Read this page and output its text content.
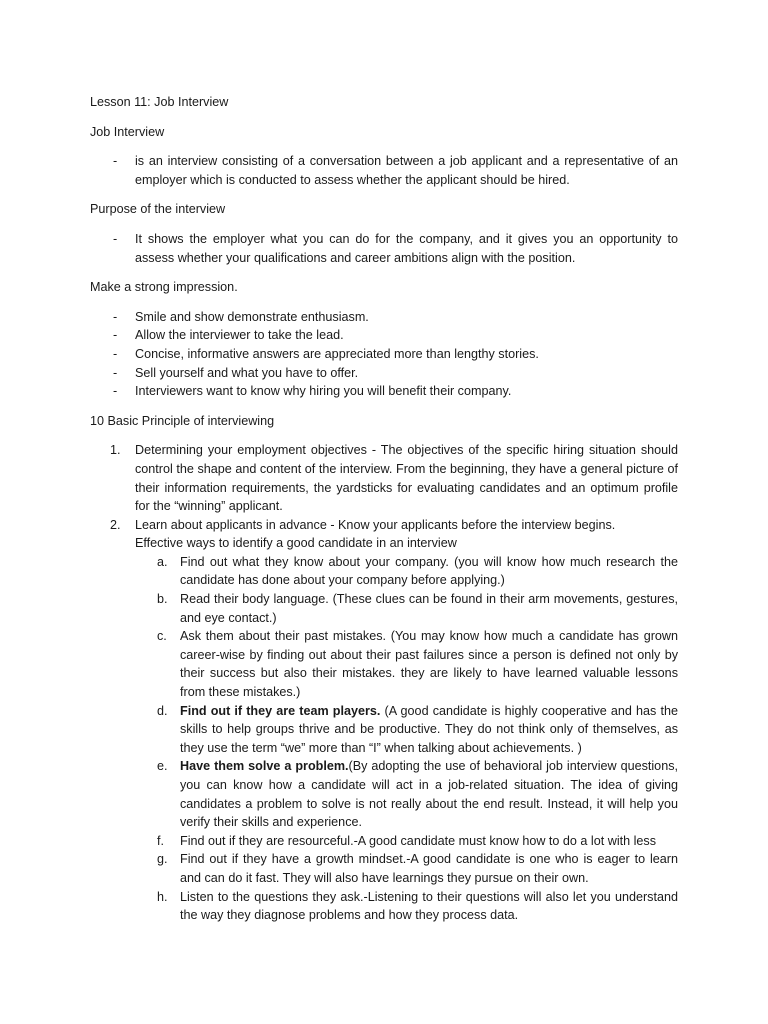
Lesson 11: Job Interview

Job Interview

- is an interview consisting of a conversation between a job applicant and a representative of an employer which is conducted to assess whether the applicant should be hired.

Purpose of the interview

- It shows the employer what you can do for the company, and it gives you an opportunity to assess whether your qualifications and career ambitions align with the position.

Make a strong impression.

- Smile and show demonstrate enthusiasm.
- Allow the interviewer to take the lead.
- Concise, informative answers are appreciated more than lengthy stories.
- Sell yourself and what you have to offer.
- Interviewers want to know why hiring you will benefit their company.

10 Basic Principle of interviewing

1. Determining your employment objectives - The objectives of the specific hiring situation should control the shape and content of the interview. From the beginning, they have a general picture of their information requirements, the yardsticks for evaluating candidates and an optimum profile for the “winning” applicant.
2. Learn about applicants in advance - Know your applicants before the interview begins.
Effective ways to identify a good candidate in an interview
a. Find out what they know about your company. (you will know how much research the candidate has done about your company before applying.)
b. Read their body language. (These clues can be found in their arm movements, gestures, and eye contact.)
c. Ask them about their past mistakes. (You may know how much a candidate has grown career-wise by finding out about their past failures since a person is defined not only by their success but also their mistakes. they are likely to have learned valuable lessons from these mistakes.)
d. Find out if they are team players. (A good candidate is highly cooperative and has the skills to help groups thrive and be productive. They do not think only of themselves, as they use the term “we” more than “I” when talking about achievements. )
e. Have them solve a problem.(By adopting the use of behavioral job interview questions, you can know how a candidate will act in a job-related situation. The idea of giving candidates a problem to solve is not really about the end result. Instead, it will help you verify their skills and experience.
f. Find out if they are resourceful.-A good candidate must know how to do a lot with less
g. Find out if they have a growth mindset.-A good candidate is one who is eager to learn and can do it fast. They will also have learnings they pursue on their own.
h. Listen to the questions they ask.-Listening to their questions will also let you understand the way they diagnose problems and how they process data.
